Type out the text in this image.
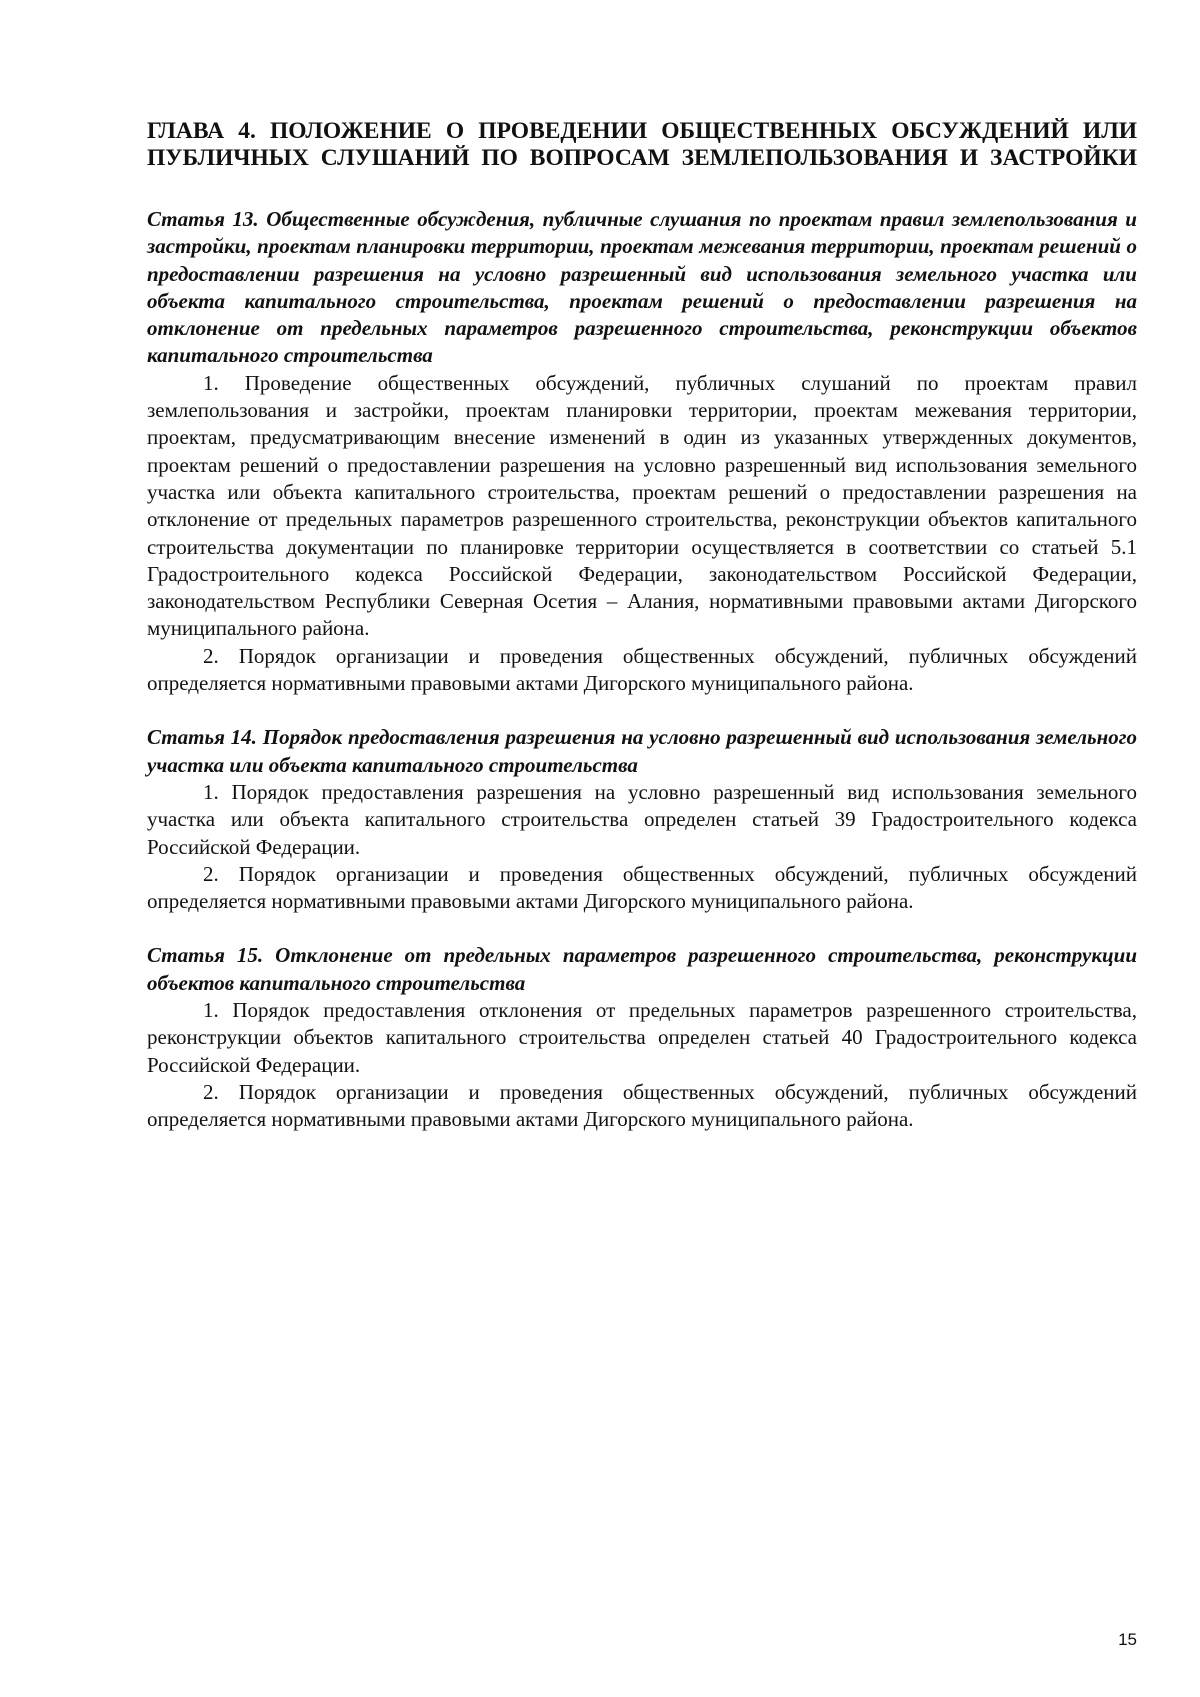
ГЛАВА 4. ПОЛОЖЕНИЕ О ПРОВЕДЕНИИ ОБЩЕСТВЕННЫХ ОБСУЖДЕНИЙ ИЛИ
ПУБЛИЧНЫХ СЛУШАНИЙ ПО ВОПРОСАМ ЗЕМЛЕПОЛЬЗОВАНИЯ И ЗАСТРОЙКИ

Статья 13. Общественные обсуждения, публичные слушания по проектам правил землепользования и застройки, проектам планировки территории, проектам межевания территории, проектам решений о предоставлении разрешения на условно разрешенный вид использования земельного участка или объекта капитального строительства, проектам решений о предоставлении разрешения на отклонение от предельных параметров разрешенного строительства, реконструкции объектов капитального строительства

1. Проведение общественных обсуждений, публичных слушаний по проектам правил землепользования и застройки, проектам планировки территории, проектам межевания территории, проектам, предусматривающим внесение изменений в один из указанных утвержденных документов, проектам решений о предоставлении разрешения на условно разрешенный вид использования земельного участка или объекта капитального строительства, проектам решений о предоставлении разрешения на отклонение от предельных параметров разрешенного строительства, реконструкции объектов капитального строительства документации по планировке территории осуществляется в соответствии со статьей 5.1 Градостроительного кодекса Российской Федерации, законодательством Российской Федерации, законодательством Республики Северная Осетия – Алания, нормативными правовыми актами Дигорского муниципального района.

2. Порядок организации и проведения общественных обсуждений, публичных обсуждений определяется нормативными правовыми актами Дигорского муниципального района.

Статья 14. Порядок предоставления разрешения на условно разрешенный вид использования земельного участка или объекта капитального строительства

1. Порядок предоставления разрешения на условно разрешенный вид использования земельного участка или объекта капитального строительства определен статьей 39 Градостроительного кодекса Российской Федерации.

2. Порядок организации и проведения общественных обсуждений, публичных обсуждений определяется нормативными правовыми актами Дигорского муниципального района.

Статья 15. Отклонение от предельных параметров разрешенного строительства, реконструкции объектов капитального строительства

1. Порядок предоставления отклонения от предельных параметров разрешенного строительства, реконструкции объектов капитального строительства определен статьей 40 Градостроительного кодекса Российской Федерации.

2. Порядок организации и проведения общественных обсуждений, публичных обсуждений определяется нормативными правовыми актами Дигорского муниципального района.

15
